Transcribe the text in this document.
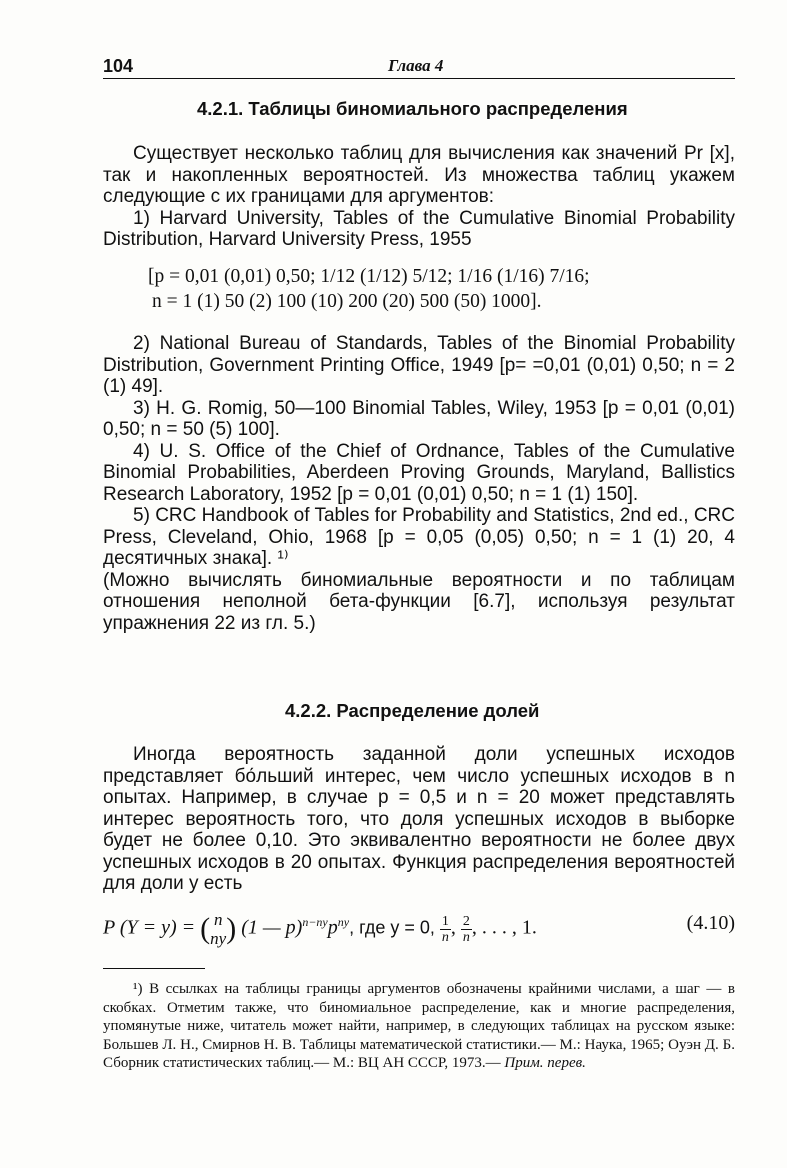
104	Глава 4
4.2.1. Таблицы биномиального распределения

Существует несколько таблиц для вычисления как значений Pr [x], так и накопленных вероятностей. Из множества таблиц укажем следующие с их границами для аргументов:

1) Harvard University, Tables of the Cumulative Binomial Probability Distribution, Harvard University Press, 1955

[p = 0,01 (0,01) 0,50; 1/12 (1/12) 5/12; 1/16 (1/16) 7/16;
n = 1 (1) 50 (2) 100 (10) 200 (20) 500 (50) 1000].

2) National Bureau of Standards, Tables of the Binomial Probability Distribution, Government Printing Office, 1949 [p= =0,01 (0,01) 0,50; n = 2 (1) 49].

3) H. G. Romig, 50—100 Binomial Tables, Wiley, 1953 [p = 0,01 (0,01) 0,50; n = 50 (5) 100].

4) U. S. Office of the Chief of Ordnance, Tables of the Cumulative Binomial Probabilities, Aberdeen Proving Grounds, Maryland, Ballistics Research Laboratory, 1952 [p = 0,01 (0,01) 0,50; n = 1 (1) 150].

5) CRC Handbook of Tables for Probability and Statistics, 2nd ed., CRC Press, Cleveland, Ohio, 1968 [p = 0,05 (0,05) 0,50; n = 1 (1) 20, 4 десятичных знака]. ¹⁾

(Можно вычислять биномиальные вероятности и по таблицам отношения неполной бета-функции [6.7], используя результат упражнения 22 из гл. 5.)

4.2.2. Распределение долей

Иногда вероятность заданной доли успешных исходов представляет бо́льший интерес, чем число успешных исходов в n опытах. Например, в случае p = 0,5 и n = 20 может представлять интерес вероятность того, что доля успешных исходов в выборке будет не более 0,10. Это эквивалентно вероятности не более двух успешных исходов в 20 опытах. Функция распределения вероятностей для доли y есть

P (Y = y) = ( n
ny ) (1 — $p)^{n-ny}p^{ny}$, где y = 0, $\frac{1}{n}$ , $\frac{2}{n}$ , . . . , 1.	(4.10)

¹) В ссылках на таблицы границы аргументов обозначены крайними числами, а шаг — в скобках. Отметим также, что биномиальное распределение, как и многие распределения, упомянутые ниже, читатель может найти, например, в следующих таблицах на русском языке: Большев Л. Н., Смирнов Н. В. Таблицы математической статистики.— М.: Наука, 1965; Оуэн Д. Б. Сборник статистических таблиц.— М.: ВЦ АН СССР, 1973.— Прим. перев.
